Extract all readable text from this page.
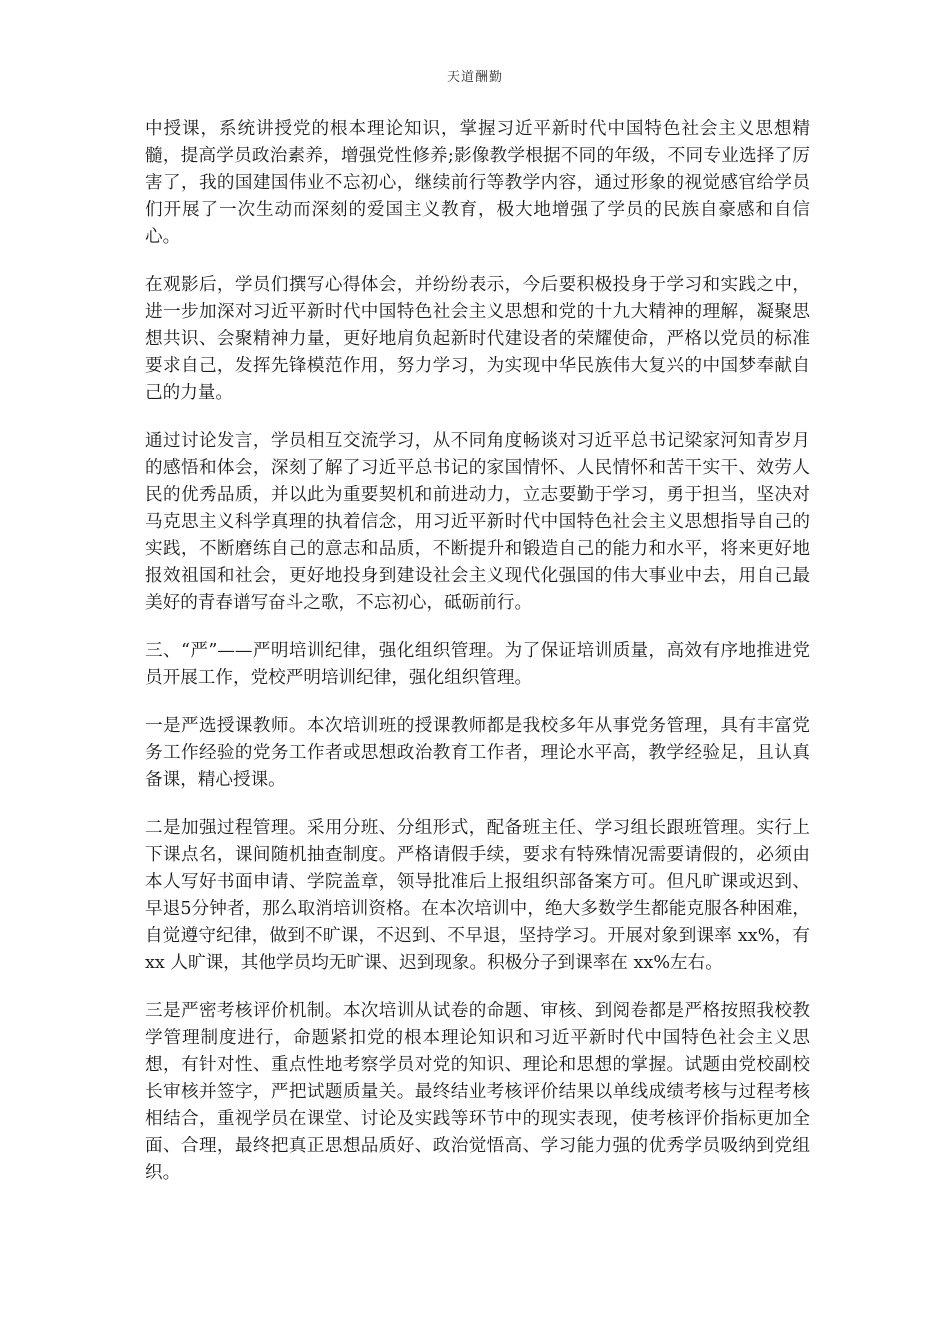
天道酬勤

中授课，系统讲授党的根本理论知识，掌握习近平新时代中国特色社会主义思想精髓，提高学员政治素养，增强党性修养;影像教学根据不同的年级，不同专业选择了厉害了，我的国建国伟业不忘初心，继续前行等教学内容，通过形象的视觉感官给学员们开展了一次生动而深刻的爱国主义教育，极大地增强了学员的民族自豪感和自信心。

在观影后，学员们撰写心得体会，并纷纷表示，今后要积极投身于学习和实践之中，进一步加深对习近平新时代中国特色社会主义思想和党的十九大精神的理解，凝聚思想共识、会聚精神力量，更好地肩负起新时代建设者的荣耀使命，严格以党员的标准要求自己，发挥先锋模范作用，努力学习，为实现中华民族伟大复兴的中国梦奉献自己的力量。

通过讨论发言，学员相互交流学习，从不同角度畅谈对习近平总书记梁家河知青岁月的感悟和体会，深刻了解了习近平总书记的家国情怀、人民情怀和苦干实干、效劳人民的优秀品质，并以此为重要契机和前进动力，立志要勤于学习，勇于担当，坚决对马克思主义科学真理的执着信念，用习近平新时代中国特色社会主义思想指导自己的实践，不断磨练自己的意志和品质，不断提升和锻造自己的能力和水平，将来更好地报效祖国和社会，更好地投身到建设社会主义现代化强国的伟大事业中去，用自己最美好的青春谱写奋斗之歌，不忘初心，砥砺前行。

三、“严”——严明培训纪律，强化组织管理。为了保证培训质量，高效有序地推进党员开展工作，党校严明培训纪律，强化组织管理。

一是严选授课教师。本次培训班的授课教师都是我校多年从事党务管理，具有丰富党务工作经验的党务工作者或思想政治教育工作者，理论水平高，教学经验足，且认真备课，精心授课。

二是加强过程管理。采用分班、分组形式，配备班主任、学习组长跟班管理。实行上下课点名，课间随机抽查制度。严格请假手续，要求有特殊情况需要请假的，必须由本人写好书面申请、学院盖章，领导批准后上报组织部备案方可。但凡旷课或迟到、早退5分钟者，那么取消培训资格。在本次培训中，绝大多数学生都能克服各种困难，自觉遵守纪律，做到不旷课，不迟到、不早退，坚持学习。开展对象到课率 xx%，有 xx 人旷课，其他学员均无旷课、迟到现象。积极分子到课率在 xx%左右。

三是严密考核评价机制。本次培训从试卷的命题、审核、到阅卷都是严格按照我校教学管理制度进行，命题紧扣党的根本理论知识和习近平新时代中国特色社会主义思想，有针对性、重点性地考察学员对党的知识、理论和思想的掌握。试题由党校副校长审核并签字，严把试题质量关。最终结业考核评价结果以单线成绩考核与过程考核相结合，重视学员在课堂、讨论及实践等环节中的现实表现，使考核评价指标更加全面、合理，最终把真正思想品质好、政治觉悟高、学习能力强的优秀学员吸纳到党组织。
